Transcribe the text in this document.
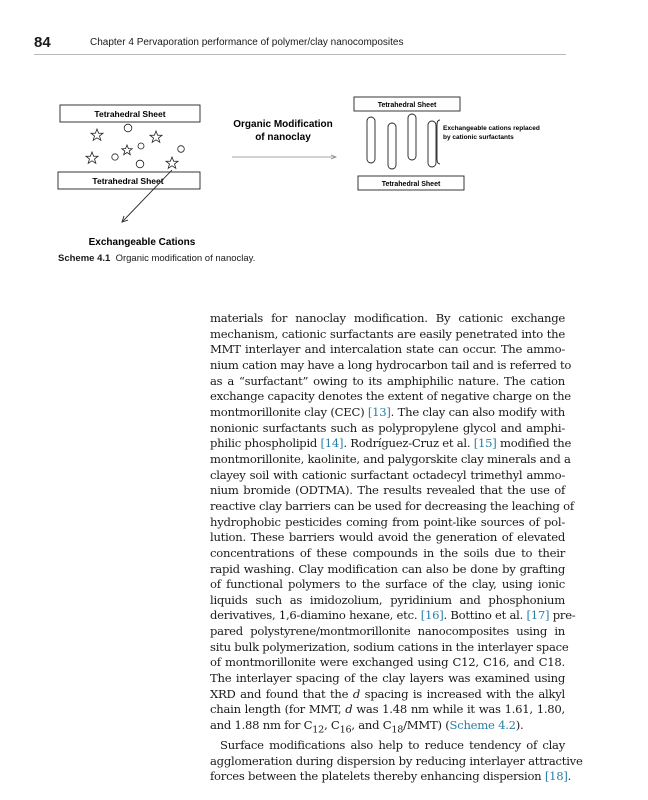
84	Chapter 4 Pervaporation performance of polymer/clay nanocomposites
Tetrahedral Sheet
Tetrahedral Sheet
Exchangeable Cations
Organic Modification
of nanoclay
Tetrahedral Sheet
Tetrahedral Sheet
Exchangeable cations replaced
by cationic surfactants
Scheme 4.1 Organic modification of nanoclay.
materials for nanoclay modification. By cationic exchange
mechanism, cationic surfactants are easily penetrated into the
MMT interlayer and intercalation state can occur. The ammo-
nium cation may have a long hydrocarbon tail and is referred to
as a “surfactant” owing to its amphiphilic nature. The cation
exchange capacity denotes the extent of negative charge on the
montmorillonite clay (CEC) [13]. The clay can also modify with
nonionic surfactants such as polypropylene glycol and amphi-
philic phospholipid [14]. Rodríguez-Cruz et al. [15] modified the
montmorillonite, kaolinite, and palygorskite clay minerals and a
clayey soil with cationic surfactant octadecyl trimethyl ammo-
nium bromide (ODTMA). The results revealed that the use of
reactive clay barriers can be used for decreasing the leaching of
hydrophobic pesticides coming from point-like sources of pol-
lution. These barriers would avoid the generation of elevated
concentrations of these compounds in the soils due to their
rapid washing. Clay modification can also be done by grafting
of functional polymers to the surface of the clay, using ionic
liquids such as imidozolium, pyridinium and phosphonium
derivatives, 1,6-diamino hexane, etc. [16]. Bottino et al. [17] pre-
pared polystyrene/montmorillonite nanocomposites using in
situ bulk polymerization, sodium cations in the interlayer space
of montmorillonite were exchanged using C12, C16, and C18.
The interlayer spacing of the clay layers was examined using
XRD and found that the d spacing is increased with the alkyl
chain length (for MMT, d was 1.48 nm while it was 1.61, 1.80,
and 1.88 nm for $C_{12}$, $C_{16}$, and $C_{18}/MMT$) (Scheme 4.2).
Surface modifications also help to reduce tendency of clay
agglomeration during dispersion by reducing interlayer attractive
forces between the platelets thereby enhancing dispersion [18].
